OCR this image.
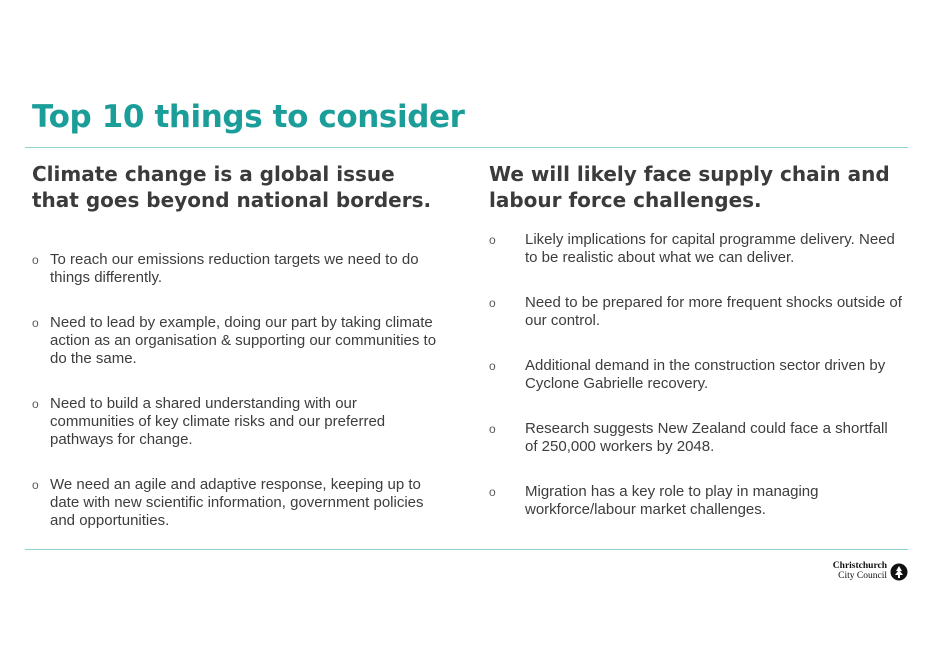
Top 10 things to consider
Climate change is a global issue that goes beyond national borders.
o To reach our emissions reduction targets we need to do things differently.
o Need to lead by example, doing our part by taking climate action as an organisation & supporting our communities to do the same.
o Need to build a shared understanding with our communities of key climate risks and our preferred pathways for change.
o We need an agile and adaptive response, keeping up to date with new scientific information, government policies and opportunities.
We will likely face supply chain and labour force challenges.
o Likely implications for capital programme delivery. Need to be realistic about what we can deliver.
o Need to be prepared for more frequent shocks outside of our control.
o Additional demand in the construction sector driven by Cyclone Gabrielle recovery.
o Research suggests New Zealand could face a shortfall of 250,000 workers by 2048.
o Migration has a key role to play in managing workforce/labour market challenges.
Christchurch
City Council
